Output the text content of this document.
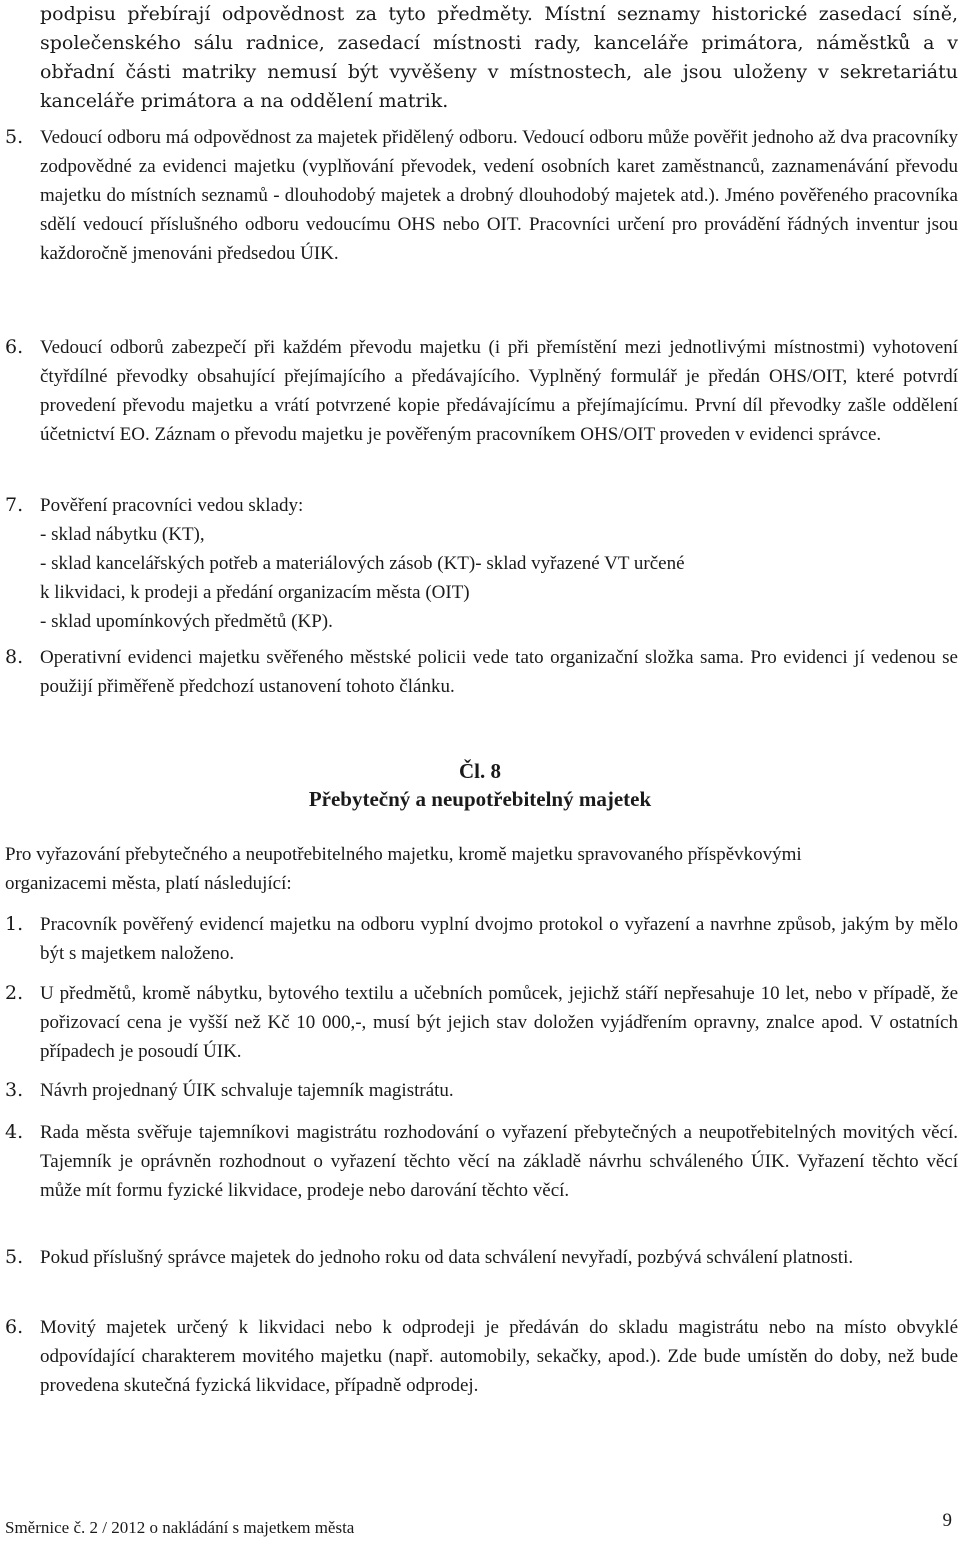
podpisu přebírají odpovědnost za tyto předměty. Místní seznamy historické zasedací síně,
společenského sálu radnice, zasedací místnosti rady, kanceláře primátora, náměstků a v
obřadní části matriky nemusí být vyvěšeny v místnostech, ale jsou uloženy v sekretariátu
kanceláře primátora a na oddělení matrik.
5. Vedoucí odboru má odpovědnost za majetek přidělený odboru. Vedoucí odboru může pověřit jednoho až dva pracovníky zodpovědné za evidenci majetku (vyplňování převodek, vedení osobních karet zaměstnanců, zaznamenávání převodu majetku do místních seznamů - dlouhodobý majetek a drobný dlouhodobý majetek atd.). Jméno pověřeného pracovníka sdělí vedoucí příslušného odboru vedoucímu OHS nebo OIT. Pracovníci určení pro provádění řádných inventur jsou každoročně jmenováni předsedou ÚIK.
6. Vedoucí odborů zabezpečí při každém převodu majetku (i při přemístění mezi jednotlivými místnostmi) vyhotovení čtyřdílné převodky obsahující přejímajícího a předávajícího. Vyplněný formulář je předán OHS/OIT, které potvrdí provedení převodu majetku a vrátí potvrzené kopie předávajícímu a přejímajícímu. První díl převodky zašle oddělení účetnictví EO. Záznam o převodu majetku je pověřeným pracovníkem OHS/OIT proveden v evidenci správce.
7. Pověření pracovníci vedou sklady:
- sklad nábytku (KT),
- sklad kancelářských potřeb a materiálových zásob (KT)- sklad vyřazené VT určené
k likvidaci, k prodeji a předání organizacím města (OIT)
- sklad upomínkových předmětů (KP).
8. Operativní evidenci majetku svěřeného městské policii vede tato organizační složka sama. Pro evidenci jí vedenou se použijí přiměřeně předchozí ustanovení tohoto článku.
Čl. 8
Přebytečný a neupotřebitelný majetek
Pro vyřazování přebytečného a neupotřebitelného majetku, kromě majetku spravovaného příspěvkovými organizacemi města, platí následující:
1. Pracovník pověřený evidencí majetku na odboru vyplní dvojmo protokol o vyřazení a navrhne způsob, jakým by mělo být s majetkem naloženo.
2. U předmětů, kromě nábytku, bytového textilu a učebních pomůcek, jejichž stáří nepřesahuje 10 let, nebo v případě, že pořizovací cena je vyšší než Kč 10 000,-, musí být jejich stav doložen vyjádřením opravny, znalce apod. V ostatních případech je posoudí ÚIK.
3. Návrh projednaný ÚIK schvaluje tajemník magistrátu.
4. Rada města svěřuje tajemníkovi magistrátu rozhodování o vyřazení přebytečných a neupotřebitelných movitých věcí. Tajemník je oprávněn rozhodnout o vyřazení těchto věcí na základě návrhu schváleného ÚIK. Vyřazení těchto věcí může mít formu fyzické likvidace, prodeje nebo darování těchto věcí.
5. Pokud příslušný správce majetek do jednoho roku od data schválení nevyřadí, pozbývá schválení platnosti.
6. Movitý majetek určený k likvidaci nebo k odprodeji je předáván do skladu magistrátu nebo na místo obvyklé odpovídající charakterem movitého majetku (např. automobily, sekačky, apod.). Zde bude umístěn do doby, než bude provedena skutečná fyzická likvidace, případně odprodej.
Směrnice č. 2 / 2012 o nakládání s majetkem města	9
